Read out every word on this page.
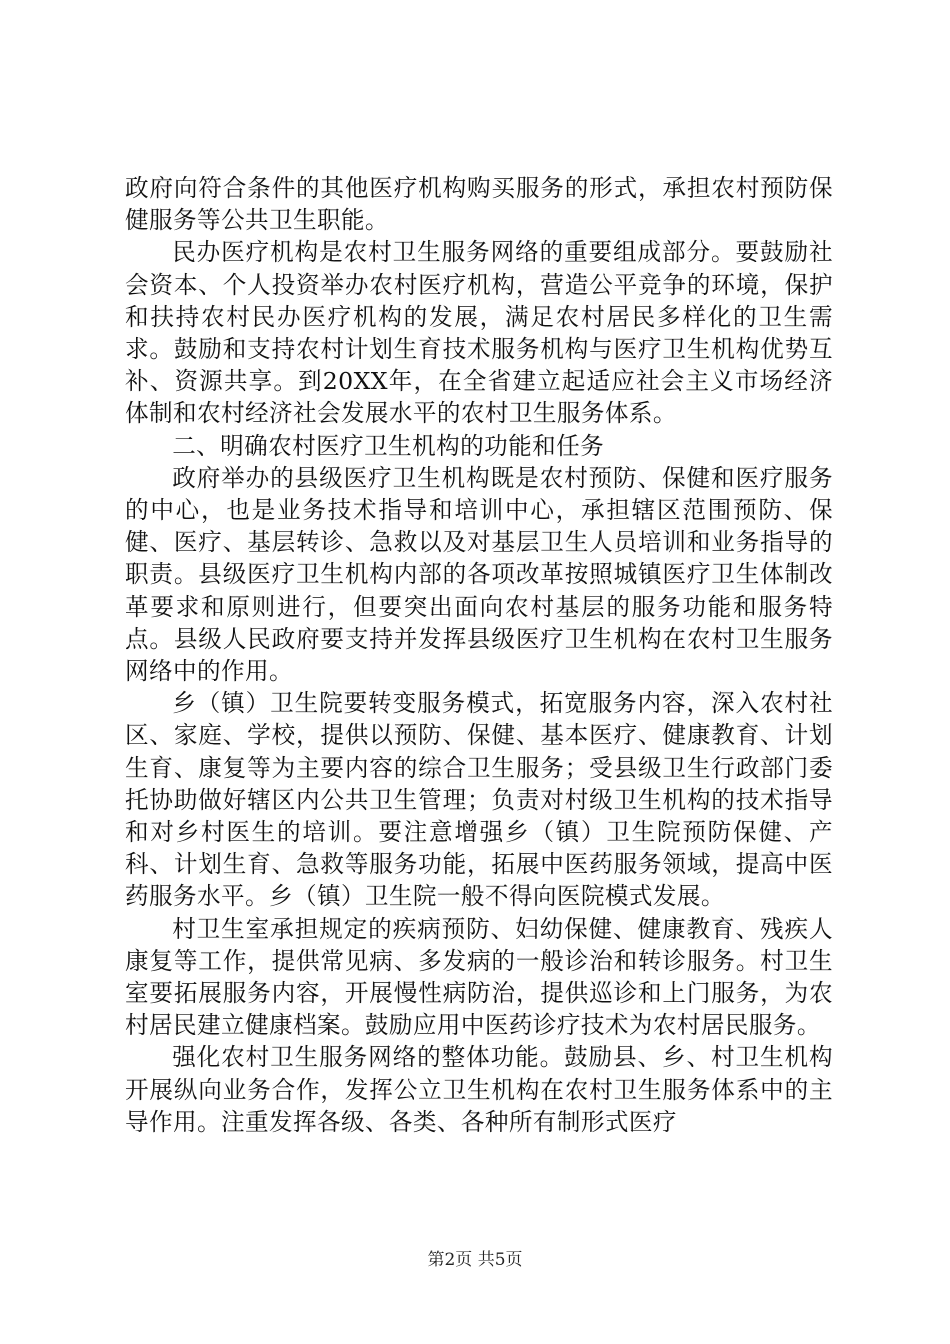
政府向符合条件的其他医疗机构购买服务的形式，承担农村预防保健服务等公共卫生职能。

民办医疗机构是农村卫生服务网络的重要组成部分。要鼓励社会资本、个人投资举办农村医疗机构，营造公平竞争的环境，保护和扶持农村民办医疗机构的发展，满足农村居民多样化的卫生需求。鼓励和支持农村计划生育技术服务机构与医疗卫生机构优势互补、资源共享。到20XX年，在全省建立起适应社会主义市场经济体制和农村经济社会发展水平的农村卫生服务体系。

二、明确农村医疗卫生机构的功能和任务

政府举办的县级医疗卫生机构既是农村预防、保健和医疗服务的中心，也是业务技术指导和培训中心，承担辖区范围预防、保健、医疗、基层转诊、急救以及对基层卫生人员培训和业务指导的职责。县级医疗卫生机构内部的各项改革按照城镇医疗卫生体制改革要求和原则进行，但要突出面向农村基层的服务功能和服务特点。县级人民政府要支持并发挥县级医疗卫生机构在农村卫生服务网络中的作用。

乡（镇）卫生院要转变服务模式，拓宽服务内容，深入农村社区、家庭、学校，提供以预防、保健、基本医疗、健康教育、计划生育、康复等为主要内容的综合卫生服务；受县级卫生行政部门委托协助做好辖区内公共卫生管理；负责对村级卫生机构的技术指导和对乡村医生的培训。要注意增强乡（镇）卫生院预防保健、产科、计划生育、急救等服务功能，拓展中医药服务领域，提高中医药服务水平。乡（镇）卫生院一般不得向医院模式发展。

村卫生室承担规定的疾病预防、妇幼保健、健康教育、残疾人康复等工作，提供常见病、多发病的一般诊治和转诊服务。村卫生室要拓展服务内容，开展慢性病防治，提供巡诊和上门服务，为农村居民建立健康档案。鼓励应用中医药诊疗技术为农村居民服务。

强化农村卫生服务网络的整体功能。鼓励县、乡、村卫生机构开展纵向业务合作，发挥公立卫生机构在农村卫生服务体系中的主导作用。注重发挥各级、各类、各种所有制形式医疗

第2页 共5页
